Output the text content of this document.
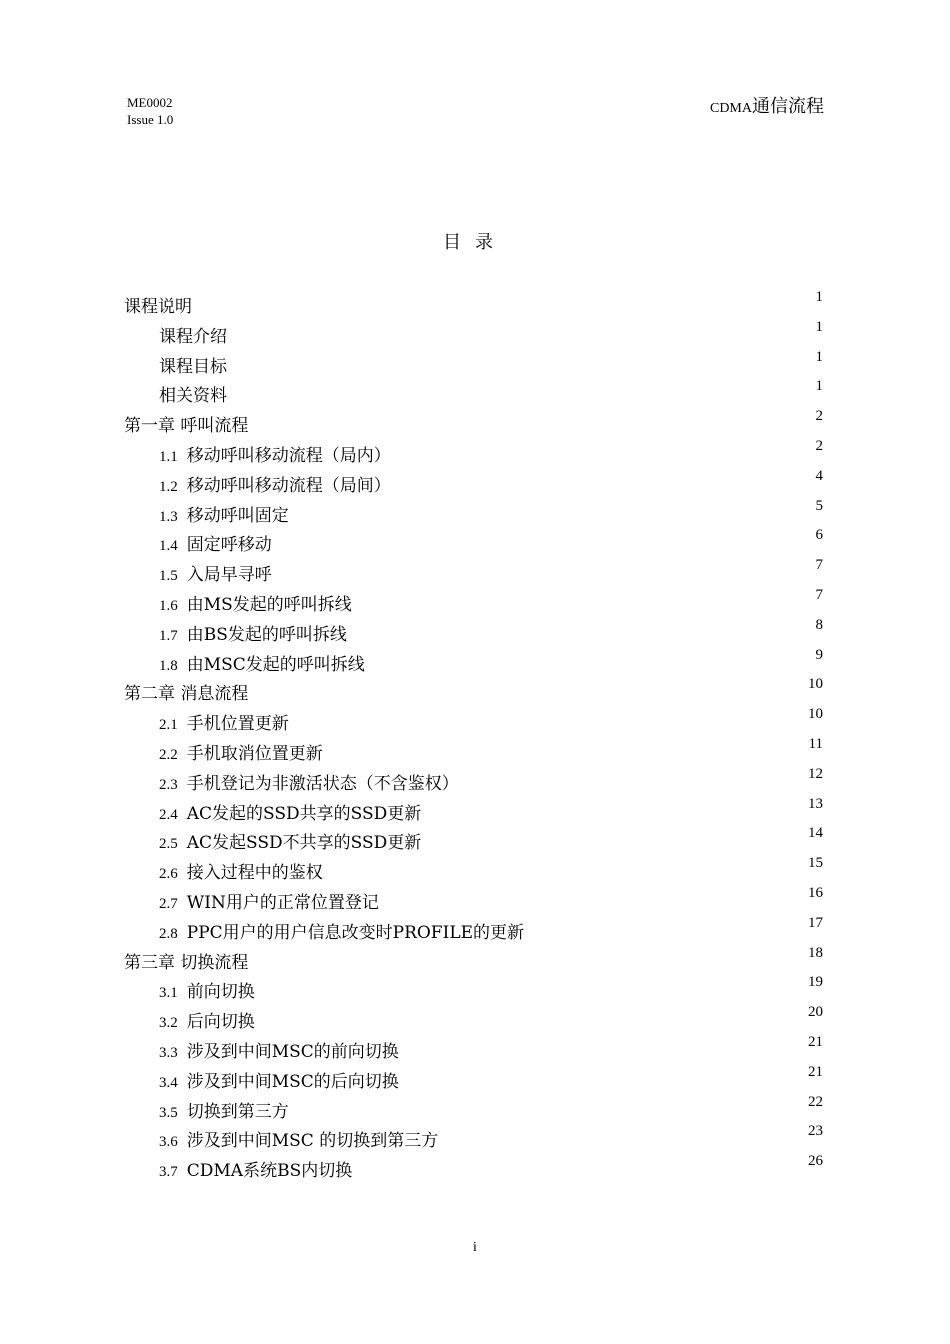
ME0002
Issue 1.0
CDMA通信流程
目录
课程说明	1
课程介绍	1
课程目标	1
相关资料	1
第一章 呼叫流程	2
1.1 移动呼叫移动流程（局内）	2
1.2 移动呼叫移动流程（局间）	4
1.3 移动呼叫固定	5
1.4 固定呼移动	6
1.5 入局早寻呼	7
1.6 由MS发起的呼叫拆线	7
1.7 由BS发起的呼叫拆线	8
1.8 由MSC发起的呼叫拆线	9
第二章 消息流程	10
2.1 手机位置更新	10
2.2 手机取消位置更新	11
2.3 手机登记为非激活状态（不含鉴权）	12
2.4 AC发起的SSD共享的SSD更新	13
2.5 AC发起SSD不共享的SSD更新	14
2.6 接入过程中的鉴权	15
2.7 WIN用户的正常位置登记	16
2.8 PPC用户的用户信息改变时PROFILE的更新	17
第三章 切换流程	18
3.1 前向切换	19
3.2 后向切换	20
3.3 涉及到中间MSC的前向切换	21
3.4 涉及到中间MSC的后向切换	21
3.5 切换到第三方	22
3.6 涉及到中间MSC 的切换到第三方	23
3.7 CDMA系统BS内切换	26
i
